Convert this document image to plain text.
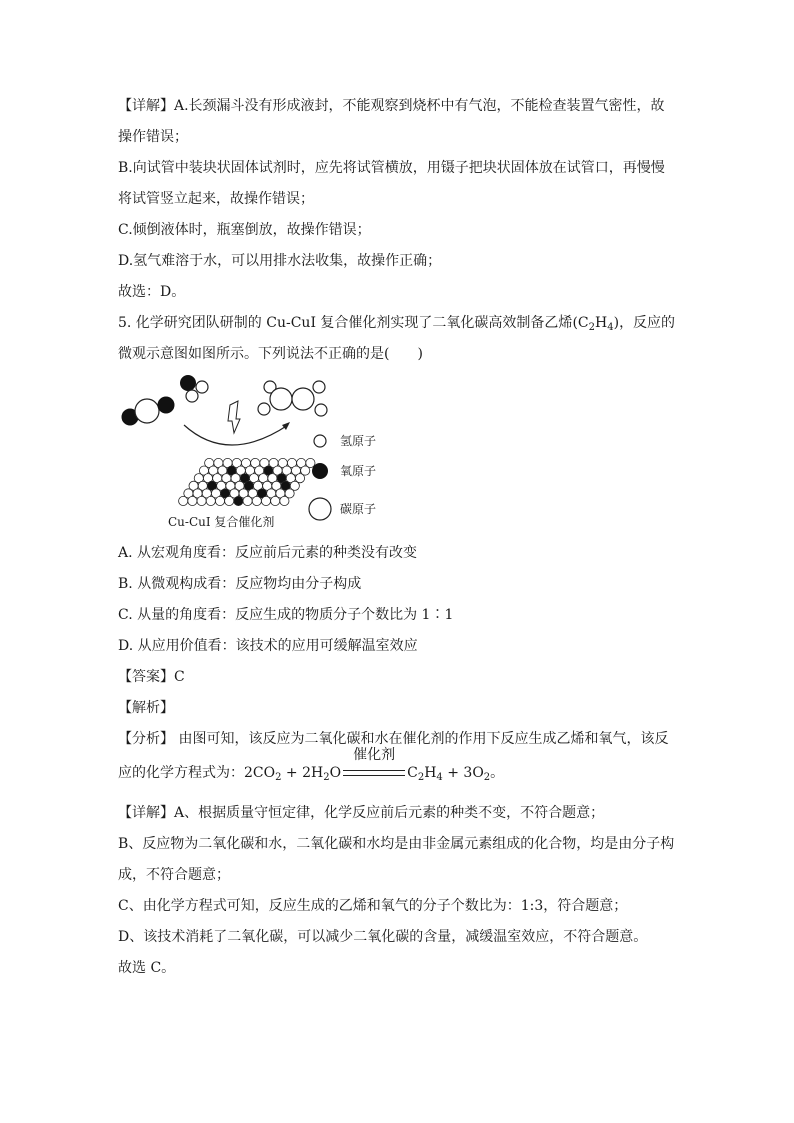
【详解】A.长颈漏斗没有形成液封，不能观察到烧杯中有气泡，不能检查装置气密性，故
操作错误；
B.向试管中装块状固体试剂时，应先将试管横放，用镊子把块状固体放在试管口，再慢慢
将试管竖立起来，故操作错误；
C.倾倒液体时，瓶塞倒放，故操作错误；
D.氢气难溶于水，可以用排水法收集，故操作正确；
故选：D。
5. 化学研究团队研制的 Cu-CuI 复合催化剂实现了二氧化碳高效制备乙烯$(C_2H_4)$，反应的
微观示意图如图所示。下列说法不正确的是(　　)
氢原子
氧原子
碳原子
Cu-CuI 复合催化剂
A. 从宏观角度看：反应前后元素的种类没有改变
B. 从微观构成看：反应物均由分子构成
C. 从量的角度看：反应生成的物质分子个数比为 1∶1
D. 从应用价值看：该技术的应用可缓解温室效应
【答案】C
【解析】
【分析】 由图可知，该反应为二氧化碳和水在催化剂的作用下反应生成乙烯和氧气，该反
应的化学方程式为：$2CO_2 + 2H_2O$
催化剂
$C_2H_4 + 3O_2$。
【详解】A、根据质量守恒定律，化学反应前后元素的种类不变，不符合题意；
B、反应物为二氧化碳和水，二氧化碳和水均是由非金属元素组成的化合物，均是由分子构
成，不符合题意；
C、由化学方程式可知，反应生成的乙烯和氧气的分子个数比为：1:3，符合题意；
D、该技术消耗了二氧化碳，可以减少二氧化碳的含量，减缓温室效应，不符合题意。
故选 C。
